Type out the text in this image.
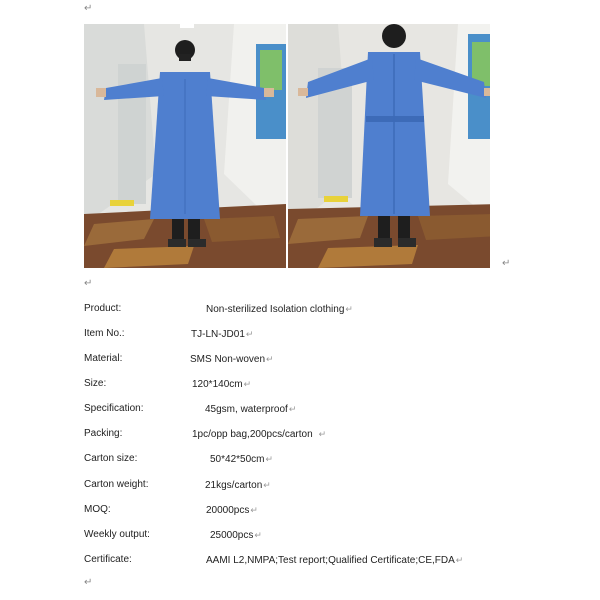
↵
↵
↵
Product:	Non-sterilized Isolation clothing↵
Item No.:	TJ-LN-JD01↵
Material:	SMS Non-woven↵
Size:	120*140cm↵
Specification:	45gsm, waterproof↵
Packing:	1pc/opp bag,200pcs/carton ↵
Carton size:	50*42*50cm↵
Carton weight:	21kgs/carton↵
MOQ:	20000pcs↵
Weekly output:	25000pcs↵
Certificate:	AAMI L2,NMPA;Test report;Qualified Certificate;CE,FDA↵
↵
